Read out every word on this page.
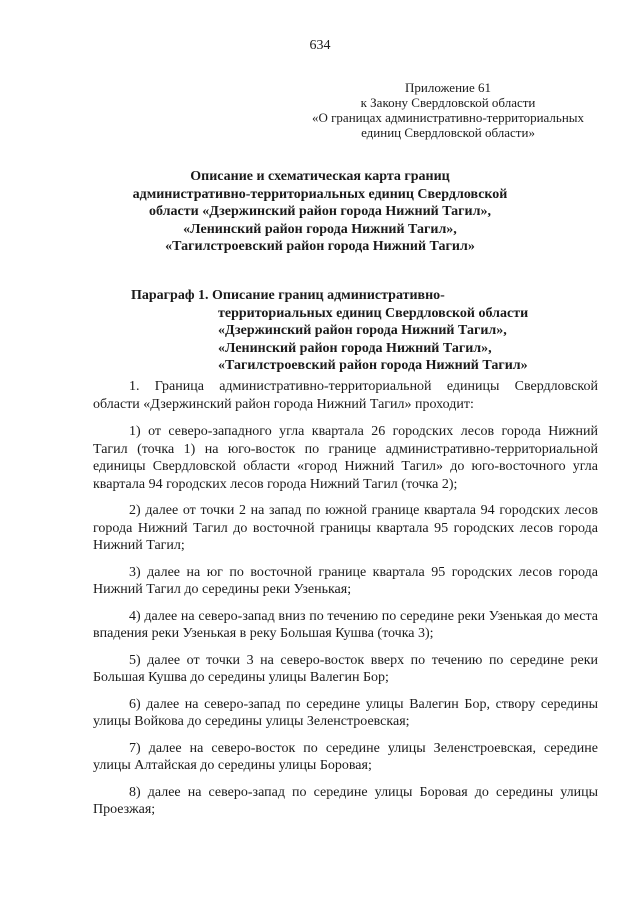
634
Приложение 61
к Закону Свердловской области
«О границах административно-территориальных
единиц Свердловской области»
Описание и схематическая карта границ
административно-территориальных единиц Свердловской
области «Дзержинский район города Нижний Тагил»,
«Ленинский район города Нижний Тагил»,
«Тагилстроевский район города Нижний Тагил»
Параграф 1. Описание границ административно-
территориальных единиц Свердловской области
«Дзержинский район города Нижний Тагил»,
«Ленинский район города Нижний Тагил»,
«Тагилстроевский район города Нижний Тагил»

1. Граница административно-территориальной единицы Свердловской области «Дзержинский район города Нижний Тагил» проходит:

1) от северо-западного угла квартала 26 городских лесов города Нижний Тагил (точка 1) на юго-восток по границе административно-территориальной единицы Свердловской области «город Нижний Тагил» до юго-восточного угла квартала 94 городских лесов города Нижний Тагил (точка 2);

2) далее от точки 2 на запад по южной границе квартала 94 городских лесов города Нижний Тагил до восточной границы квартала 95 городских лесов города Нижний Тагил;

3) далее на юг по восточной границе квартала 95 городских лесов города Нижний Тагил до середины реки Узенькая;

4) далее на северо-запад вниз по течению по середине реки Узенькая до места впадения реки Узенькая в реку Большая Кушва (точка 3);

5) далее от точки 3 на северо-восток вверх по течению по середине реки Большая Кушва до середины улицы Валегин Бор;

6) далее на северо-запад по середине улицы Валегин Бор, створу середины улицы Войкова до середины улицы Зеленстроевская;

7) далее на северо-восток по середине улицы Зеленстроевская, середине улицы Алтайская до середины улицы Боровая;

8) далее на северо-запад по середине улицы Боровая до середины улицы Проезжая;
